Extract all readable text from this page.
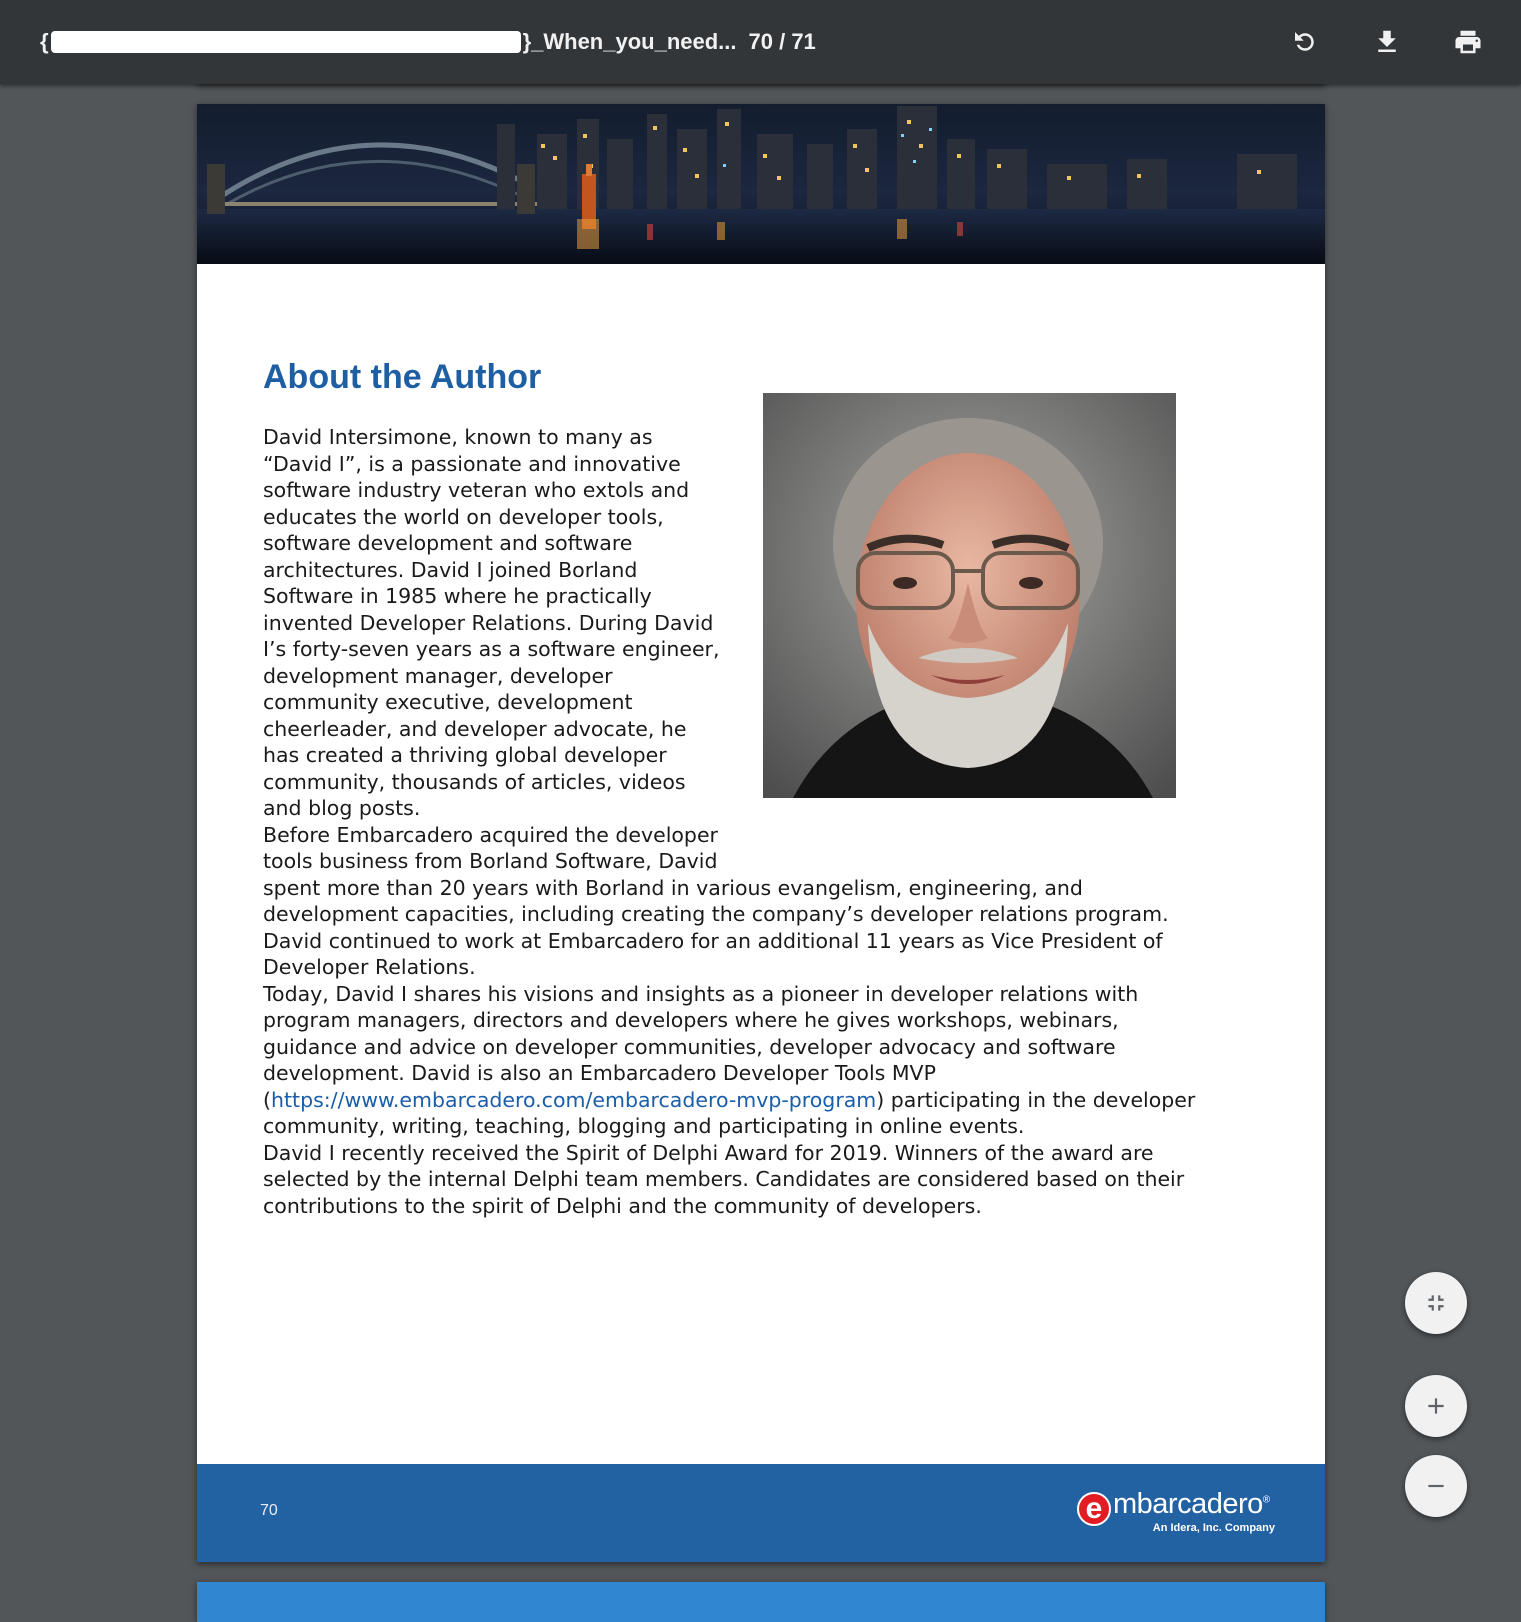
{	}_When_you_need... 70 / 71
About the Author

David Intersimone, known to many as “David I”, is a passionate and innovative software industry veteran who extols and educates the world on developer tools, software development and software architectures. David I joined Borland Software in 1985 where he practically invented Developer Relations. During David I’s forty-seven years as a software engineer, development manager, developer community executive, development cheerleader, and developer advocate, he has created a thriving global developer community, thousands of articles, videos and blog posts.

Before Embarcadero acquired the developer tools business from Borland Software, David spent more than 20 years with Borland in various evangelism, engineering, and development capacities, including creating the company’s developer relations program. David continued to work at Embarcadero for an additional 11 years as Vice President of Developer Relations.

Today, David I shares his visions and insights as a pioneer in developer relations with program managers, directors and developers where he gives workshops, webinars, guidance and advice on developer communities, developer advocacy and software development. David is also an Embarcadero Developer Tools MVP (https://www.embarcadero.com/embarcadero-mvp-program) participating in the developer community, writing, teaching, blogging and participating in online events.

David I recently received the Spirit of Delphi Award for 2019. Winners of the award are selected by the internal Delphi team members. Candidates are considered based on their contributions to the spirit of Delphi and the community of developers.

70	e mbarcadero®
An Idera, Inc. Company
